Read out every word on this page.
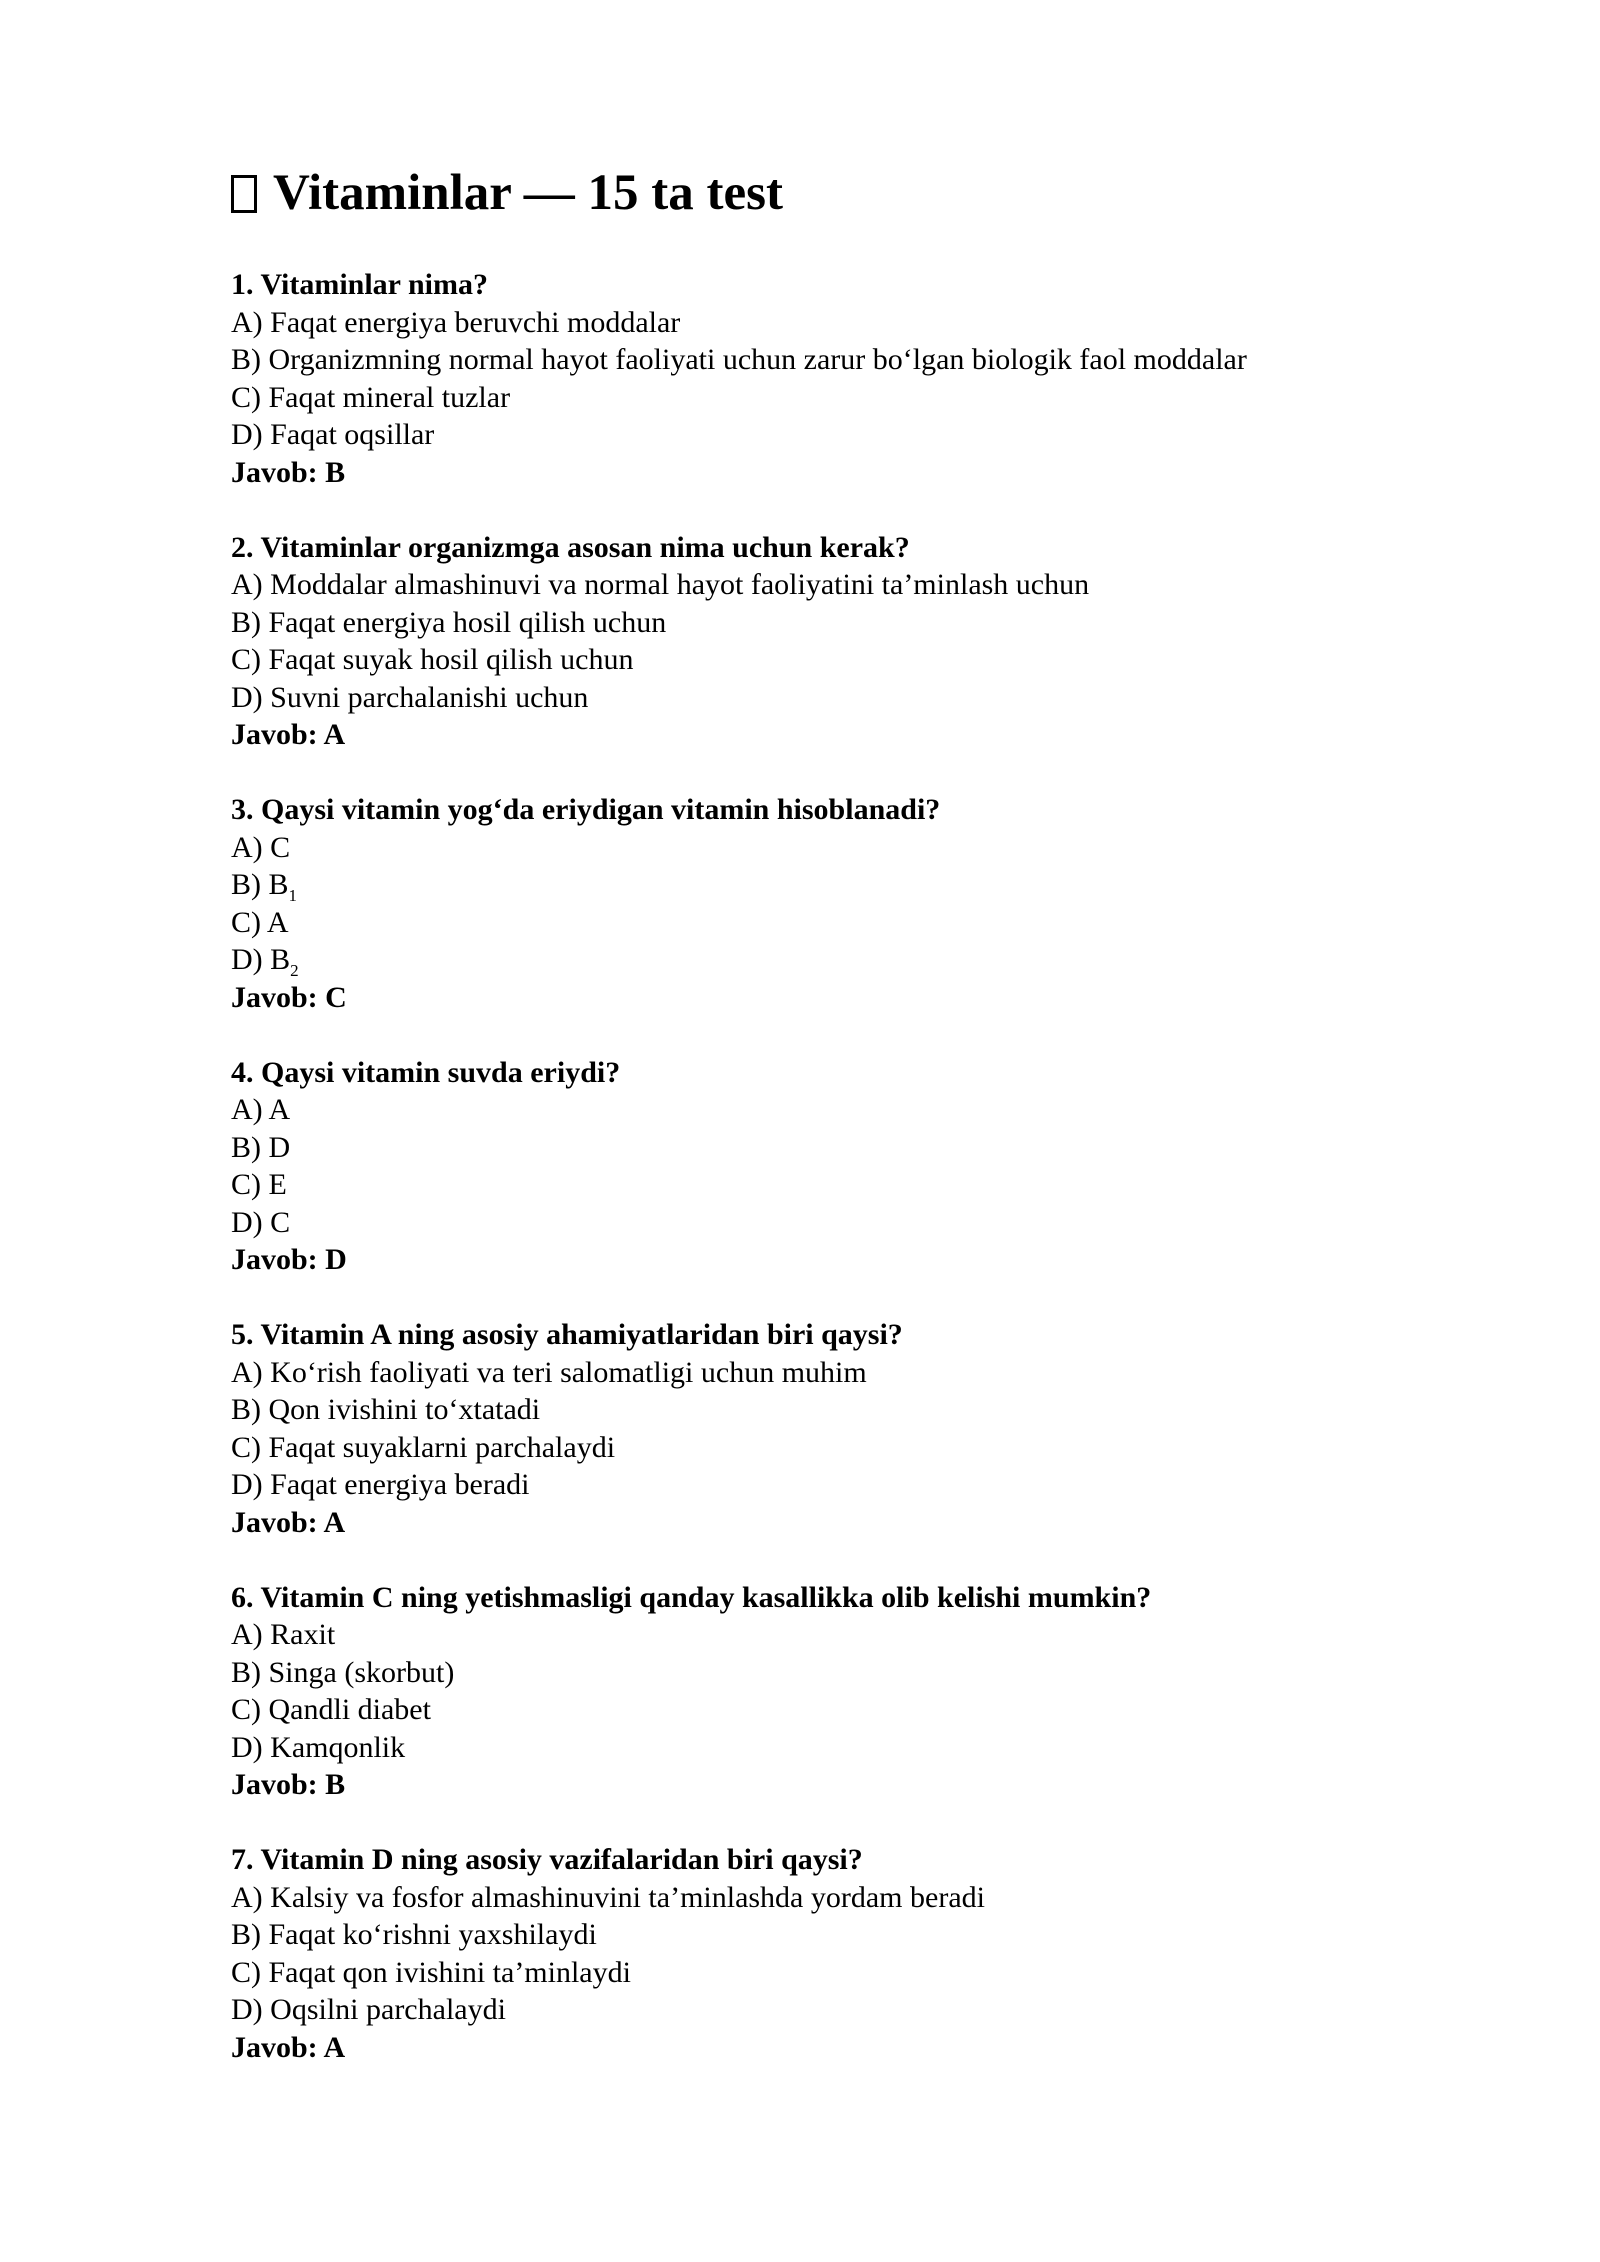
Vitaminlar — 15 ta test
1. Vitaminlar nima?
A) Faqat energiya beruvchi moddalar
B) Organizmning normal hayot faoliyati uchun zarur bo‘lgan biologik faol moddalar
C) Faqat mineral tuzlar
D) Faqat oqsillar
Javob: B
2. Vitaminlar organizmga asosan nima uchun kerak?
A) Moddalar almashinuvi va normal hayot faoliyatini ta’minlash uchun
B) Faqat energiya hosil qilish uchun
C) Faqat suyak hosil qilish uchun
D) Suvni parchalanishi uchun
Javob: A
3. Qaysi vitamin yog‘da eriydigan vitamin hisoblanadi?
A) C
B) $B_1$
C) A
D) $B_2$
Javob: C
4. Qaysi vitamin suvda eriydi?
A) A
B) D
C) E
D) C
Javob: D
5. Vitamin A ning asosiy ahamiyatlaridan biri qaysi?
A) Ko‘rish faoliyati va teri salomatligi uchun muhim
B) Qon ivishini to‘xtatadi
C) Faqat suyaklarni parchalaydi
D) Faqat energiya beradi
Javob: A
6. Vitamin C ning yetishmasligi qanday kasallikka olib kelishi mumkin?
A) Raxit
B) Singa (skorbut)
C) Qandli diabet
D) Kamqonlik
Javob: B
7. Vitamin D ning asosiy vazifalaridan biri qaysi?
A) Kalsiy va fosfor almashinuvini ta’minlashda yordam beradi
B) Faqat ko‘rishni yaxshilaydi
C) Faqat qon ivishini ta’minlaydi
D) Oqsilni parchalaydi
Javob: A
